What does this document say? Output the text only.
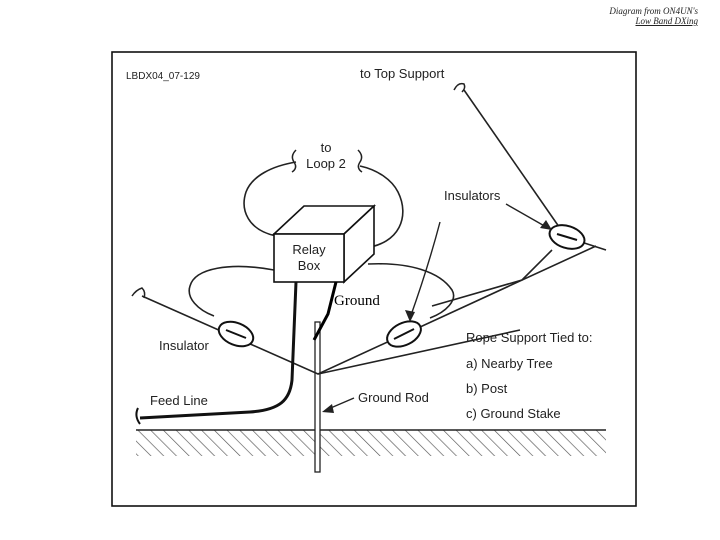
Diagram from ON4UN's
Low Band DXing
LBDX04_07-129	to Top Support
to
Loop 2
Relay
Box
Ground
Insulators
Insulator
Feed Line	Ground Rod
Rope Support Tied to:
a) Nearby Tree
b) Post
c) Ground Stake
